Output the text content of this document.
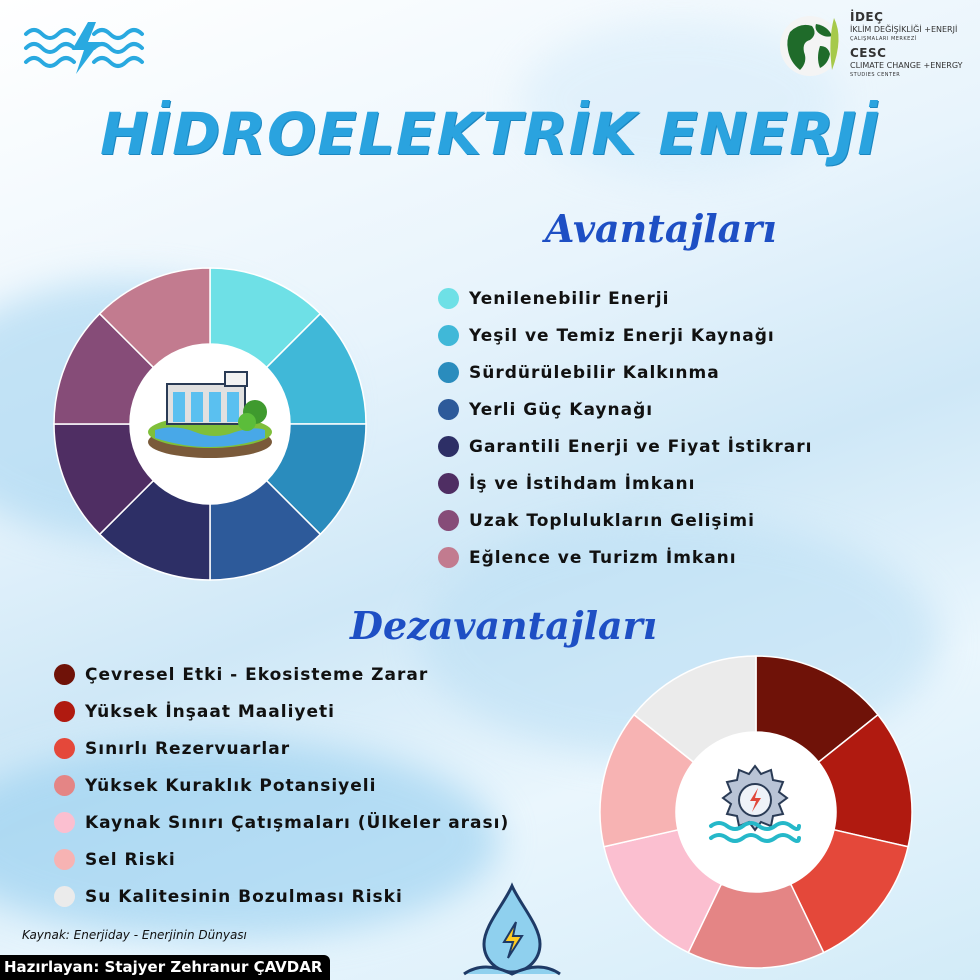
İDEÇ
İKLİM DEĞİŞİKLİĞİ +ENERJİ
ÇALIŞMALARI MERKEZİ
CESC
CLIMATE CHANGE +ENERGY
STUDIES CENTER
HİDROELEKTRİK ENERJİ
Avantajları
Yenilenebilir Enerji
Yeşil ve Temiz Enerji Kaynağı
Sürdürülebilir Kalkınma
Yerli Güç Kaynağı
Garantili Enerji ve Fiyat İstikrarı
İş ve İstihdam İmkanı
Uzak Toplulukların Gelişimi
Eğlence ve Turizm İmkanı
Dezavantajları
Çevresel Etki - Ekosisteme Zarar
Yüksek İnşaat Maaliyeti
Sınırlı Rezervuarlar
Yüksek Kuraklık Potansiyeli
Kaynak Sınırı Çatışmaları (Ülkeler arası)
Sel Riski
Su Kalitesinin Bozulması Riski
Kaynak: Enerjiday - Enerjinin Dünyası
Hazırlayan: Stajyer Zehranur ÇAVDAR
